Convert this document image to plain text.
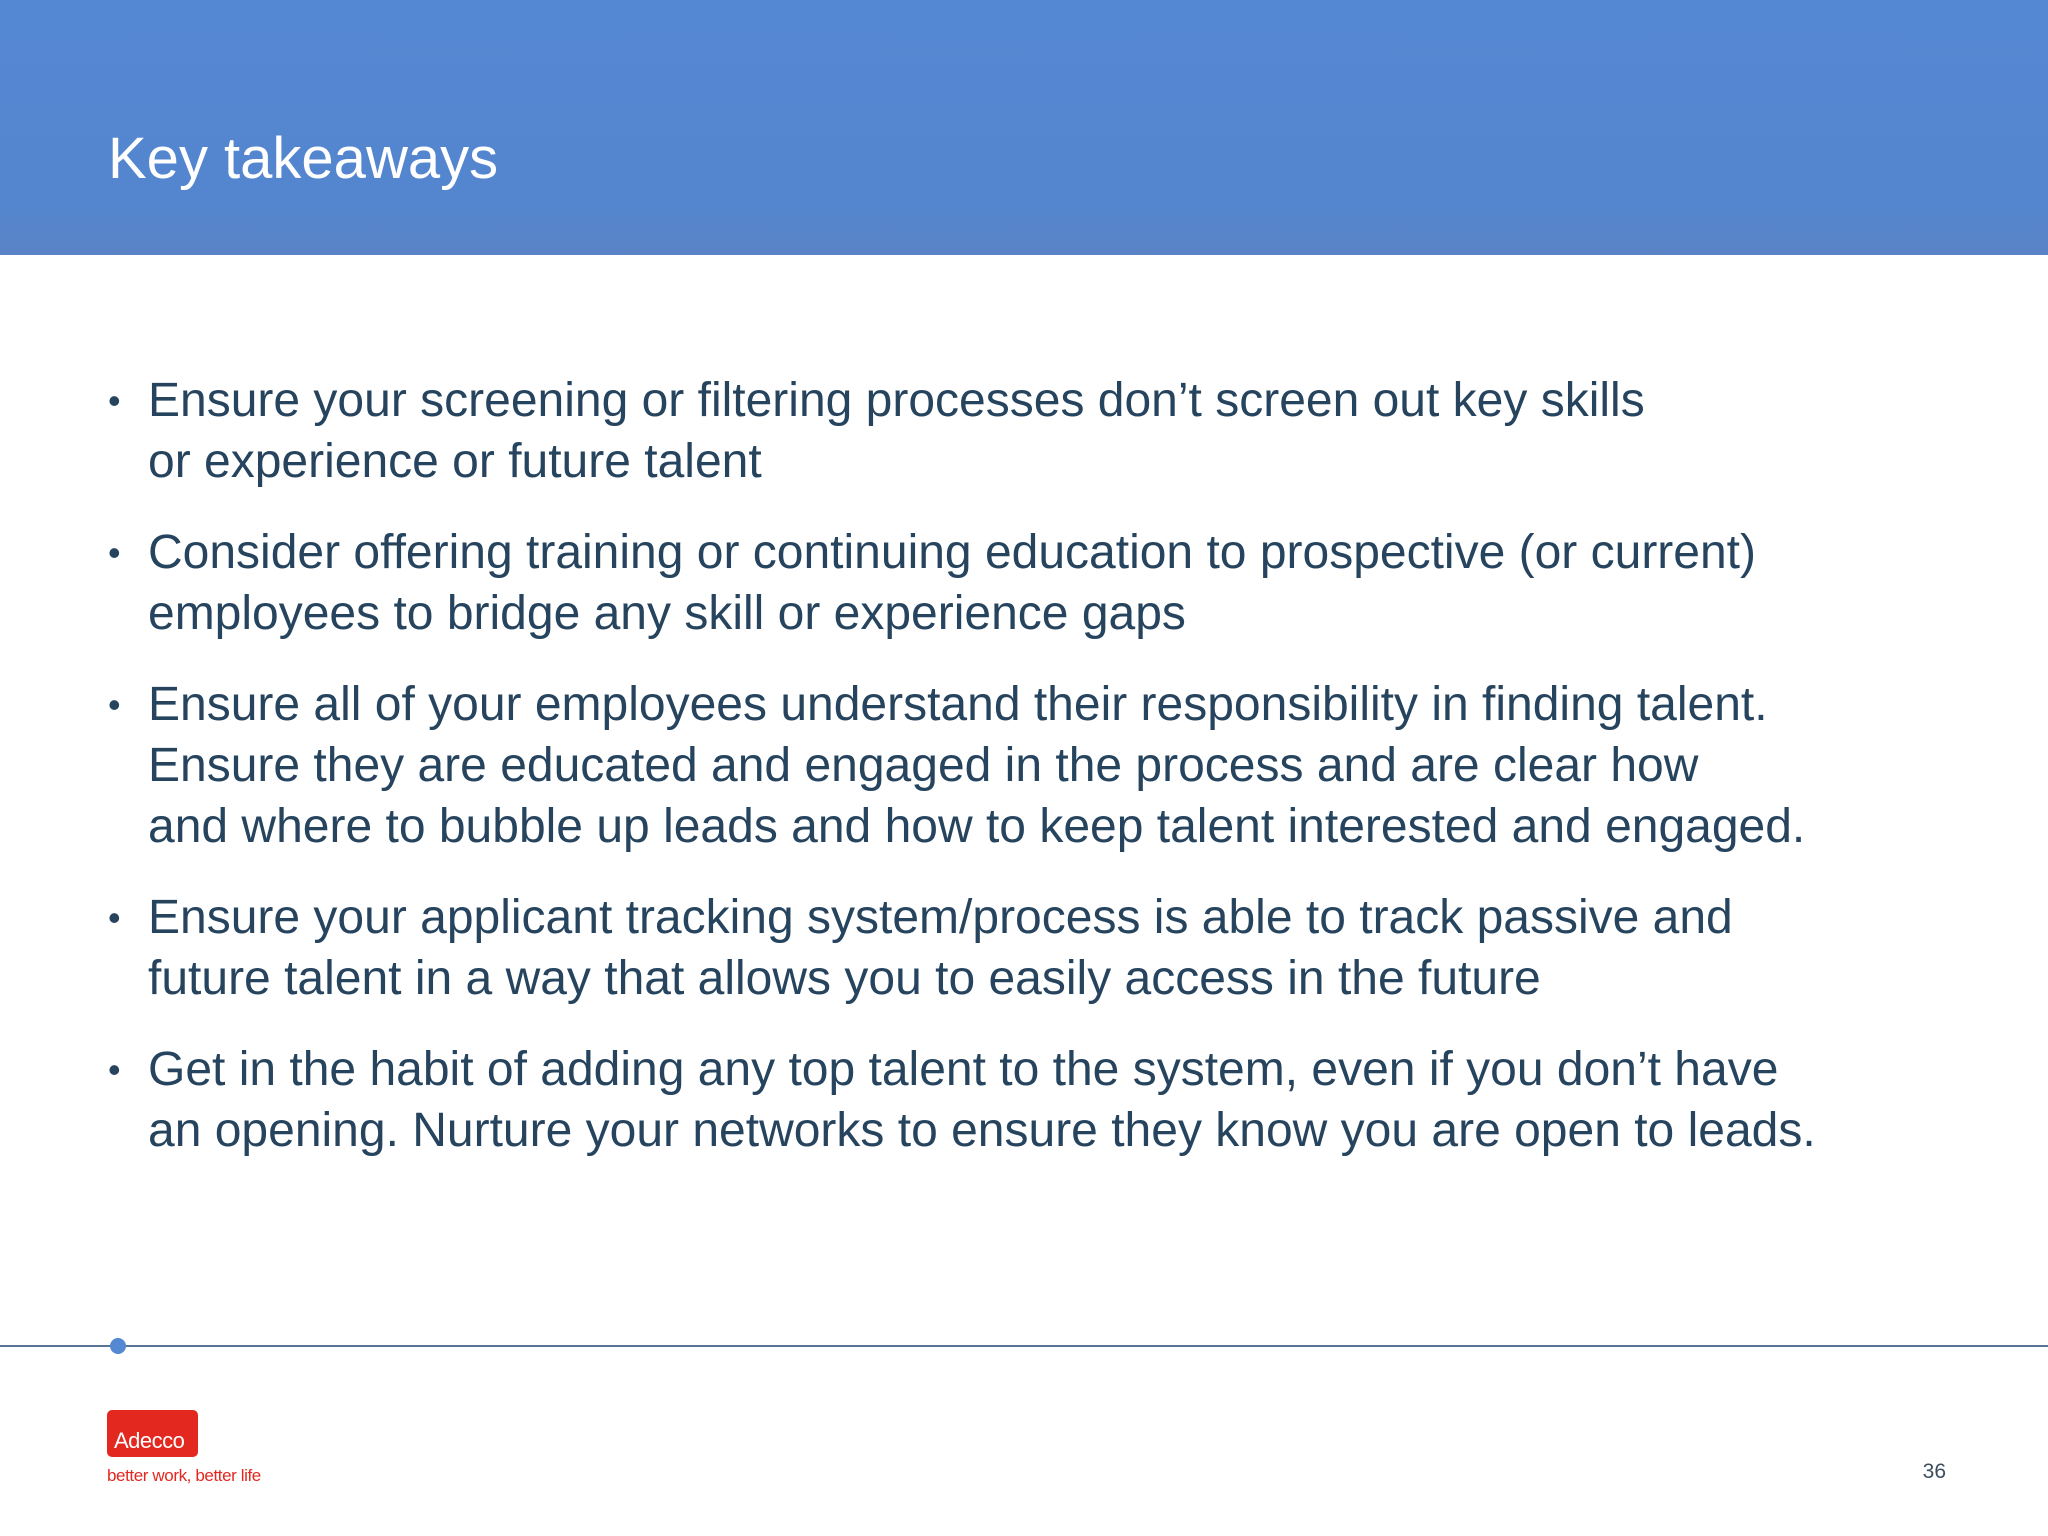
Key takeaways
• Ensure your screening or filtering processes don’t screen out key skills
or experience or future talent
• Consider offering training or continuing education to prospective (or current)
employees to bridge any skill or experience gaps
• Ensure all of your employees understand their responsibility in finding talent.
Ensure they are educated and engaged in the process and are clear how
and where to bubble up leads and how to keep talent interested and engaged.
• Ensure your applicant tracking system/process is able to track passive and
future talent in a way that allows you to easily access in the future
• Get in the habit of adding any top talent to the system, even if you don’t have
an opening. Nurture your networks to ensure they know you are open to leads.
Adecco
better work, better life	36
